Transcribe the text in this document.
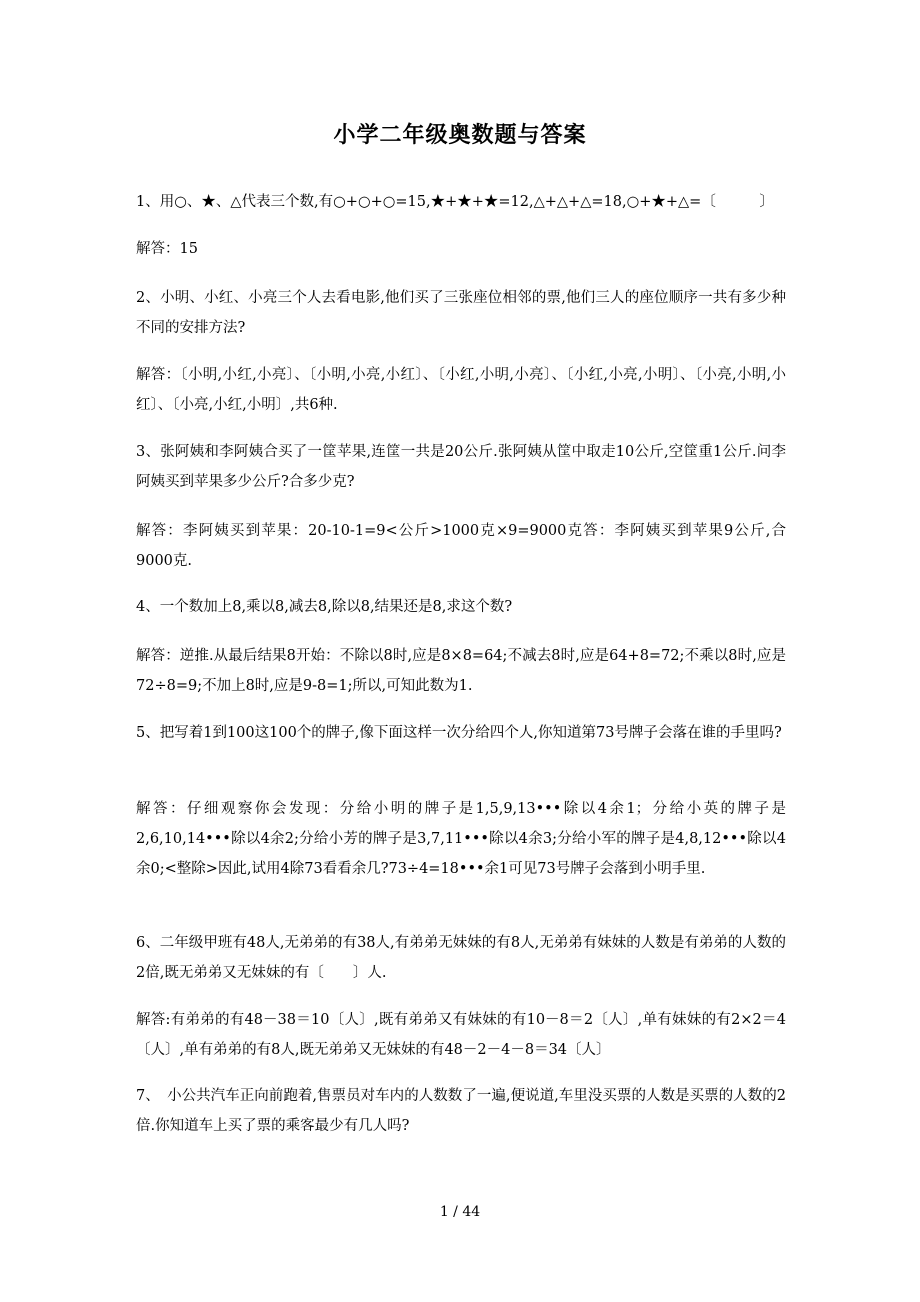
小学二年级奥数题与答案
1、用○、★、△代表三个数,有○+○+○=15,★+★+★=12,△+△+△=18,○+★+△=〔　　　〕
解答：15
2、小明、小红、小亮三个人去看电影,他们买了三张座位相邻的票,他们三人的座位顺序一共有多少种不同的安排方法?
解答：〔小明,小红,小亮〕、〔小明,小亮,小红〕、〔小红,小明,小亮〕、〔小红,小亮,小明〕、〔小亮,小明,小红〕、〔小亮,小红,小明〕,共6种.
3、张阿姨和李阿姨合买了一筐苹果,连筐一共是20公斤.张阿姨从筐中取走10公斤,空筐重1公斤.问李阿姨买到苹果多少公斤?合多少克?
解答：李阿姨买到苹果：20-10-1=9<公斤>1000克×9=9000克答：李阿姨买到苹果9公斤,合9000克.
4、一个数加上8,乘以8,减去8,除以8,结果还是8,求这个数?
解答：逆推.从最后结果8开始：不除以8时,应是8×8=64;不减去8时,应是64+8=72;不乘以8时,应是72÷8=9;不加上8时,应是9-8=1;所以,可知此数为1.
5、把写着1到100这100个的牌子,像下面这样一次分给四个人,你知道第73号牌子会落在谁的手里吗?
解答：仔细观察你会发现：分给小明的牌子是1,5,9,13•••除以4余1；分给小英的牌子是2,6,10,14•••除以4余2;分给小芳的牌子是3,7,11•••除以4余3;分给小军的牌子是4,8,12•••除以4余0;<整除>因此,试用4除73看看余几?73÷4=18•••余1可见73号牌子会落到小明手里.
6、二年级甲班有48人,无弟弟的有38人,有弟弟无妹妹的有8人,无弟弟有妹妹的人数是有弟弟的人数的2倍,既无弟弟又无妹妹的有〔　　〕人.
解答:有弟弟的有48－38＝10〔人〕,既有弟弟又有妹妹的有10－8＝2〔人〕,单有妹妹的有2×2＝4〔人〕,单有弟弟的有8人,既无弟弟又无妹妹的有48－2－4－8＝34〔人〕
7、　小公共汽车正向前跑着,售票员对车内的人数数了一遍,便说道,车里没买票的人数是买票的人数的2倍.你知道车上买了票的乘客最少有几人吗?
1 / 44
